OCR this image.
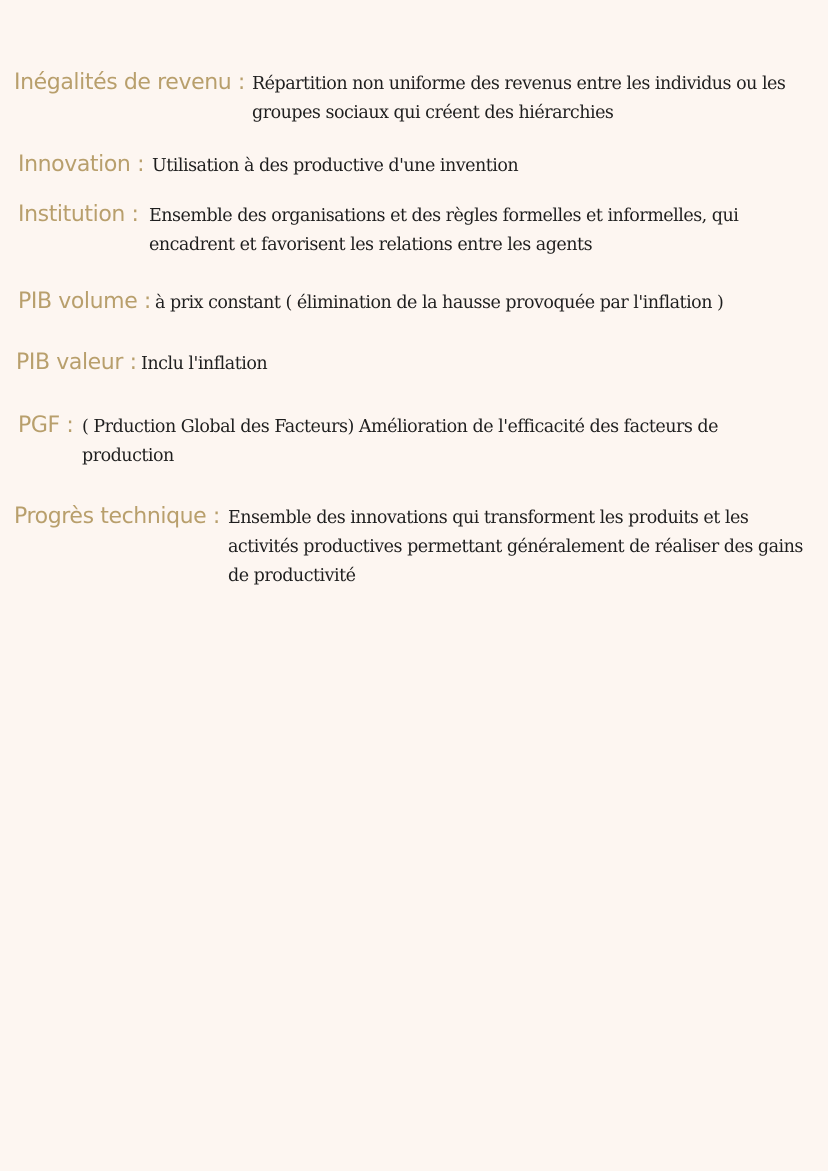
Inégalités de revenu : Répartition non uniforme des revenus entre les individus ou les groupes sociaux qui créent des hiérarchies
Innovation : Utilisation à des productive d'une invention
Institution : Ensemble des organisations et des règles formelles et informelles, qui encadrent et favorisent les relations entre les agents
PIB volume : à prix constant ( élimination de la hausse provoquée par l'inflation )
PIB valeur : Inclu l'inflation
PGF : ( Prduction Global des Facteurs) Amélioration de l'efficacité des facteurs de production
Progrès technique : Ensemble des innovations qui transforment les produits et les activités productives permettant généralement de réaliser des gains de productivité
